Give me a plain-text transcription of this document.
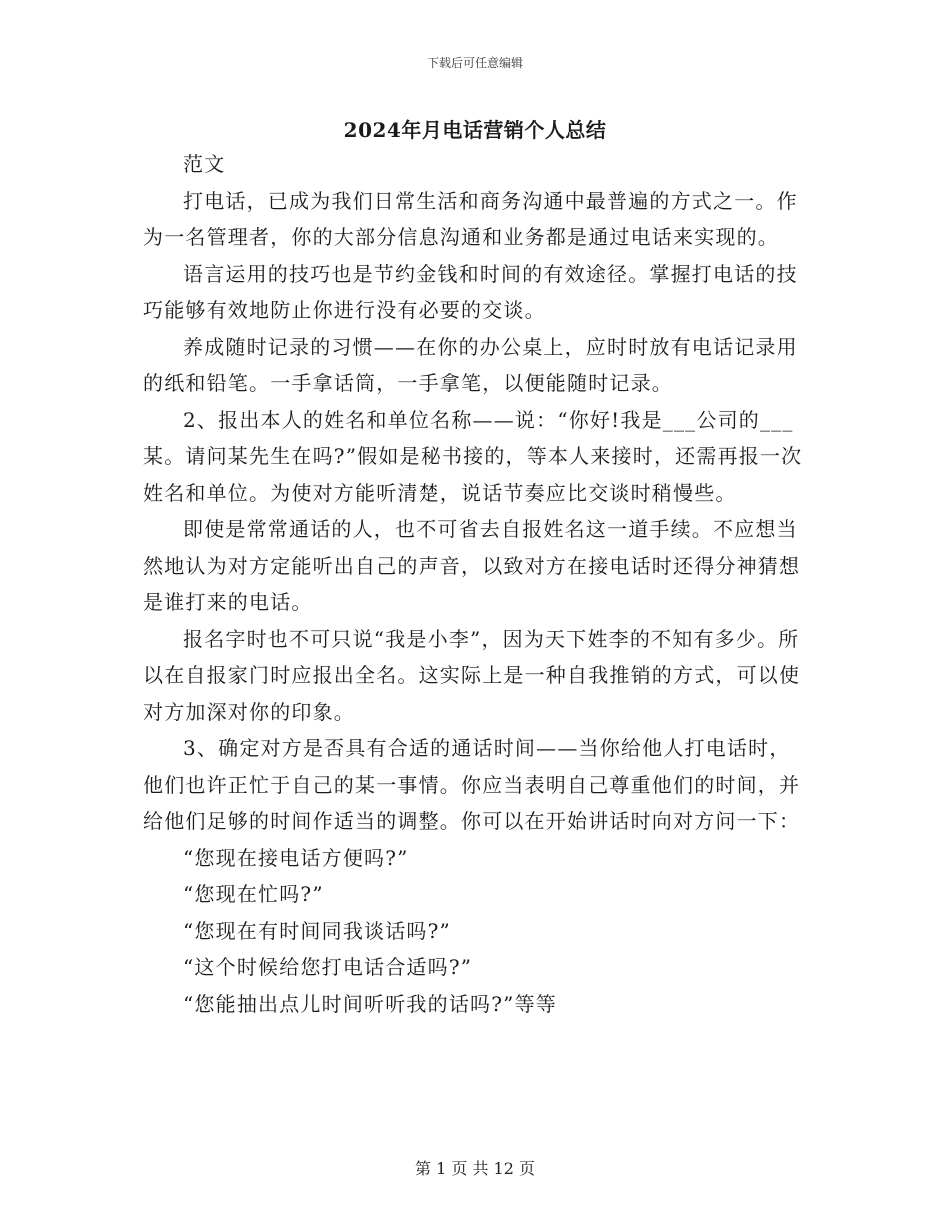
下载后可任意编辑
2024年月电话营销个人总结

范文

打电话，已成为我们日常生活和商务沟通中最普遍的方式之一。作为一名管理者，你的大部分信息沟通和业务都是通过电话来实现的。

语言运用的技巧也是节约金钱和时间的有效途径。掌握打电话的技巧能够有效地防止你进行没有必要的交谈。

养成随时记录的习惯——在你的办公桌上，应时时放有电话记录用的纸和铅笔。一手拿话筒，一手拿笔，以便能随时记录。

2、报出本人的姓名和单位名称——说：“你好!我是___公司的___某。请问某先生在吗?”假如是秘书接的，等本人来接时，还需再报一次姓名和单位。为使对方能听清楚，说话节奏应比交谈时稍慢些。

即使是常常通话的人，也不可省去自报姓名这一道手续。不应想当然地认为对方定能听出自己的声音，以致对方在接电话时还得分神猜想是谁打来的电话。

报名字时也不可只说“我是小李”，因为天下姓李的不知有多少。所以在自报家门时应报出全名。这实际上是一种自我推销的方式，可以使对方加深对你的印象。

3、确定对方是否具有合适的通话时间——当你给他人打电话时，他们也许正忙于自己的某一事情。你应当表明自己尊重他们的时间，并给他们足够的时间作适当的调整。你可以在开始讲话时向对方问一下：

“您现在接电话方便吗?”

“您现在忙吗?”

“您现在有时间同我谈话吗?”

“这个时候给您打电话合适吗?”

“您能抽出点儿时间听听我的话吗?”等等

第 1 页 共 12 页
